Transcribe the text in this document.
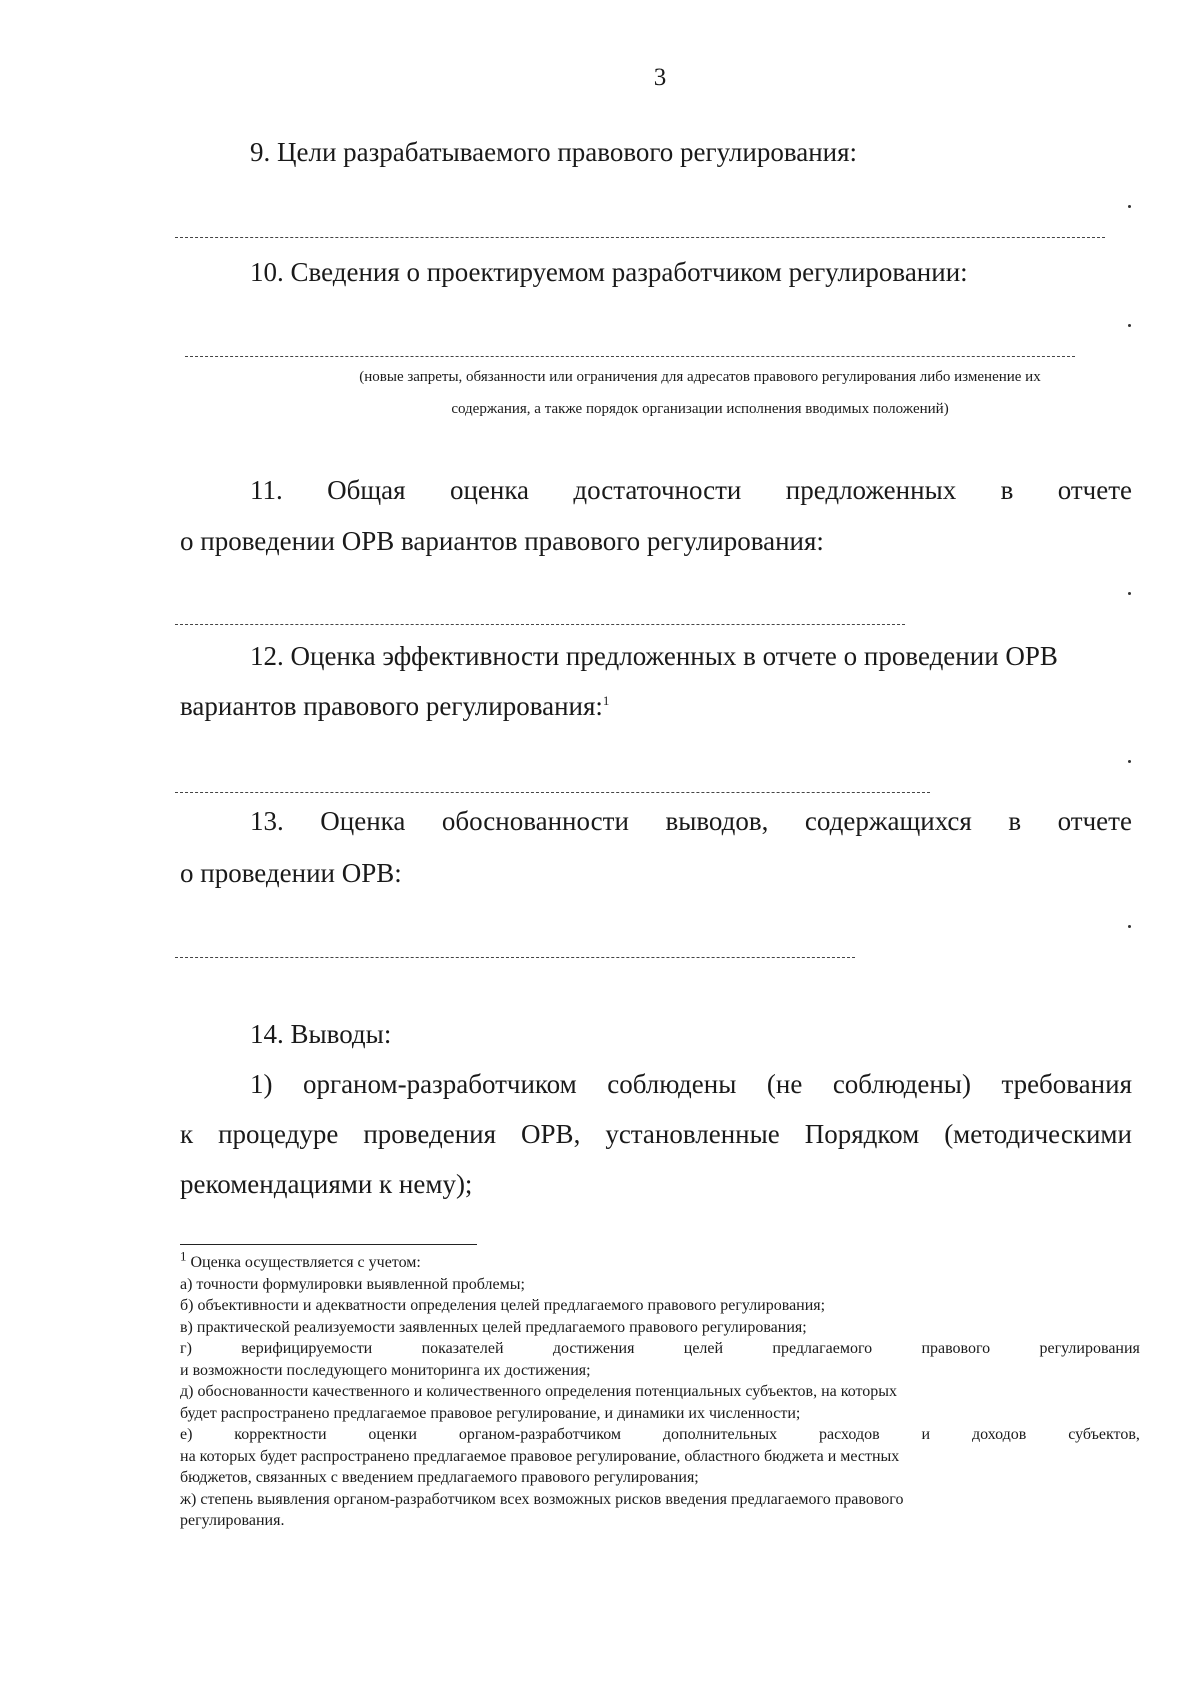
3
9. Цели разрабатываемого правового регулирования:
10. Сведения о проектируемом разработчиком регулировании:
(новые запреты, обязанности или ограничения для адресатов правового регулирования либо изменение их
содержания, а также порядок организации исполнения вводимых положений)
11. Общая оценка достаточности предложенных в отчете
о проведении ОРВ вариантов правового регулирования:
12. Оценка эффективности предложенных в отчете о проведении ОРВ
вариантов правового регулирования:$^1$
13. Оценка обоснованности выводов, содержащихся в отчете
о проведении ОРВ:
14. Выводы:
1) органом-разработчиком соблюдены (не соблюдены) требования
к процедуре проведения ОРВ, установленные Порядком (методическими
рекомендациями к нему);
$^1$ Оценка осуществляется с учетом:
а) точности формулировки выявленной проблемы;
б) объективности и адекватности определения целей предлагаемого правового регулирования;
в) практической реализуемости заявленных целей предлагаемого правового регулирования;
г)	верифицируемости	показателей	достижения	целей	предлагаемого	правового	регулирования
и возможности последующего мониторинга их достижения;
д) обоснованности качественного и количественного определения потенциальных субъектов, на которых
будет распространено предлагаемое правовое регулирование, и динамики их численности;
е)	корректности	оценки	органом-разработчиком	дополнительных	расходов	и	доходов	субъектов,
на которых будет распространено предлагаемое правовое регулирование, областного бюджета и местных
бюджетов, связанных с введением предлагаемого правового регулирования;
ж) степень выявления органом-разработчиком всех возможных рисков введения предлагаемого правового
регулирования.
